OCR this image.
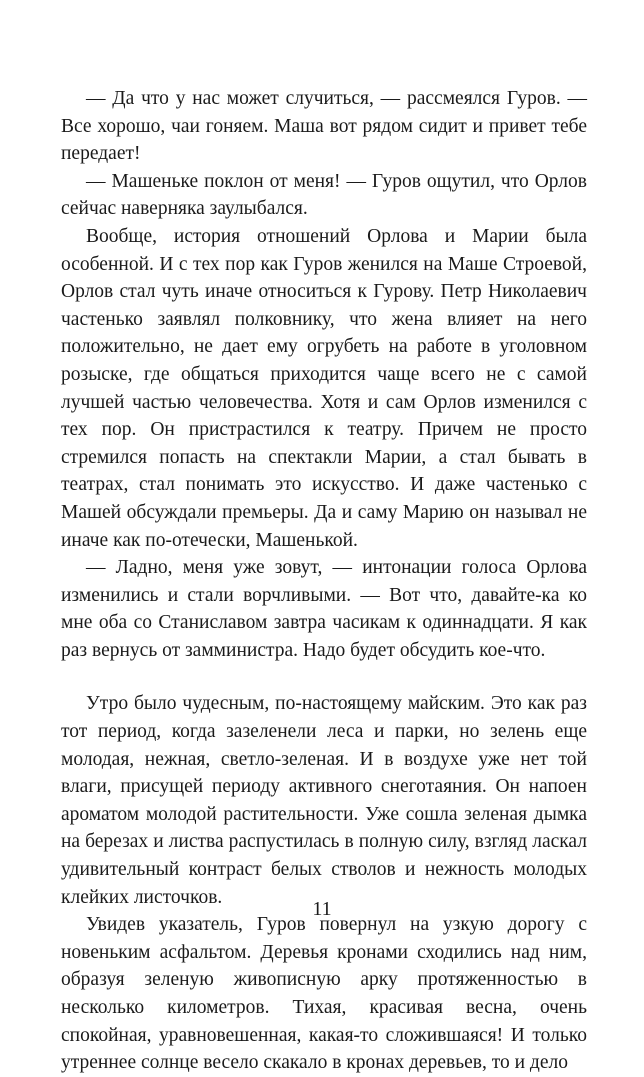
— Да что у нас может случиться, — рассмеялся Гуров. — Все хорошо, чаи гоняем. Маша вот рядом сидит и привет тебе передает!

— Машеньке поклон от меня! — Гуров ощутил, что Орлов сейчас наверняка заулыбался.

Вообще, история отношений Орлова и Марии была особенной. И с тех пор как Гуров женился на Маше Строевой, Орлов стал чуть иначе относиться к Гурову. Петр Николаевич частенько заявлял полковнику, что жена влияет на него положительно, не дает ему огрубеть на работе в уголовном розыске, где общаться приходится чаще всего не с самой лучшей частью человечества. Хотя и сам Орлов изменился с тех пор. Он пристрастился к театру. Причем не просто стремился попасть на спектакли Марии, а стал бывать в театрах, стал понимать это искусство. И даже частенько с Машей обсуждали премьеры. Да и саму Марию он называл не иначе как по-отечески, Машенькой.

— Ладно, меня уже зовут, — интонации голоса Орлова изменились и стали ворчливыми. — Вот что, давайте-ка ко мне оба со Станиславом завтра часикам к одиннадцати. Я как раз вернусь от замминистра. Надо будет обсудить кое-что.

Утро было чудесным, по-настоящему майским. Это как раз тот период, когда зазеленели леса и парки, но зелень еще молодая, нежная, светло-зеленая. И в воздухе уже нет той влаги, присущей периоду активного снеготаяния. Он напоен ароматом молодой растительности. Уже сошла зеленая дымка на березах и листва распустилась в полную силу, взгляд ласкал удивительный контраст белых стволов и нежность молодых клейких листочков.

Увидев указатель, Гуров повернул на узкую дорогу с новеньким асфальтом. Деревья кронами сходились над ним, образуя зеленую живописную арку протяженностью в несколько километров. Тихая, красивая весна, очень спокойная, уравновешенная, какая-то сложившаяся! И только утреннее солнце весело скакало в кронах деревьев, то и дело

11
